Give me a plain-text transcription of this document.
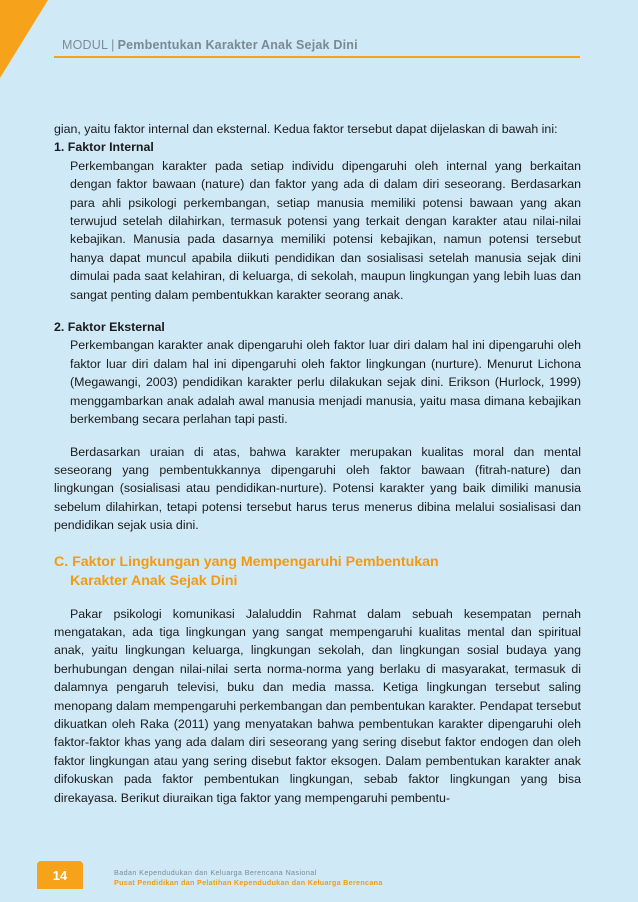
MODUL | Pembentukan Karakter Anak Sejak Dini

gian, yaitu faktor internal dan eksternal. Kedua faktor tersebut dapat dijelaskan di bawah ini:

1. Faktor Internal
Perkembangan karakter pada setiap individu dipengaruhi oleh internal yang berkaitan dengan faktor bawaan (nature) dan faktor yang ada di dalam diri seseorang. Berdasarkan para ahli psikologi perkembangan, setiap manusia memiliki potensi bawaan yang akan terwujud setelah dilahirkan, termasuk potensi yang terkait dengan karakter atau nilai-nilai kebajikan. Manusia pada dasarnya memiliki potensi kebajikan, namun potensi tersebut hanya dapat muncul apabila diikuti pendidikan dan sosialisasi setelah manusia sejak dini dimulai pada saat kelahiran, di keluarga, di sekolah, maupun lingkungan yang lebih luas dan sangat penting dalam pembentukkan karakter seorang anak.
2. Faktor Eksternal
Perkembangan karakter anak dipengaruhi oleh faktor luar diri dalam hal ini dipengaruhi oleh faktor luar diri dalam hal ini dipengaruhi oleh faktor lingkungan (nurture). Menurut Lichona (Megawangi, 2003) pendidikan karakter perlu dilakukan sejak dini. Erikson (Hurlock, 1999) menggambarkan anak adalah awal manusia menjadi manusia, yaitu masa dimana kebajikan berkembang secara perlahan tapi pasti.

Berdasarkan uraian di atas, bahwa karakter merupakan kualitas moral dan mental seseorang yang pembentukkannya dipengaruhi oleh faktor bawaan (fitrah-nature) dan lingkungan (sosialisasi atau pendidikan-nurture). Potensi karakter yang baik dimiliki manusia sebelum dilahirkan, tetapi potensi tersebut harus terus menerus dibina melalui sosialisasi dan pendidikan sejak usia dini.

C. Faktor Lingkungan yang Mempengaruhi Pembentukan
Karakter Anak Sejak Dini

Pakar psikologi komunikasi Jalaluddin Rahmat dalam sebuah kesempatan pernah mengatakan, ada tiga lingkungan yang sangat mempengaruhi kualitas mental dan spiritual anak, yaitu lingkungan keluarga, lingkungan sekolah, dan lingkungan sosial budaya yang berhubungan dengan nilai-nilai serta norma-norma yang berlaku di masyarakat, termasuk di dalamnya pengaruh televisi, buku dan media massa. Ketiga lingkungan tersebut saling menopang dalam mempengaruhi perkembangan dan pembentukan karakter. Pendapat tersebut dikuatkan oleh Raka (2011) yang menyatakan bahwa pembentukan karakter dipengaruhi oleh faktor-faktor khas yang ada dalam diri seseorang yang sering disebut faktor endogen dan oleh faktor lingkungan atau yang sering disebut faktor eksogen. Dalam pembentukan karakter anak difokuskan pada faktor pembentukan lingkungan, sebab faktor lingkungan yang bisa direkayasa. Berikut diuraikan tiga faktor yang mempengaruhi pembentu-

14	Badan Kependudukan dan Keluarga Berencana Nasional
Pusat Pendidikan dan Pelatihan Kependudukan dan Keluarga Berencana
